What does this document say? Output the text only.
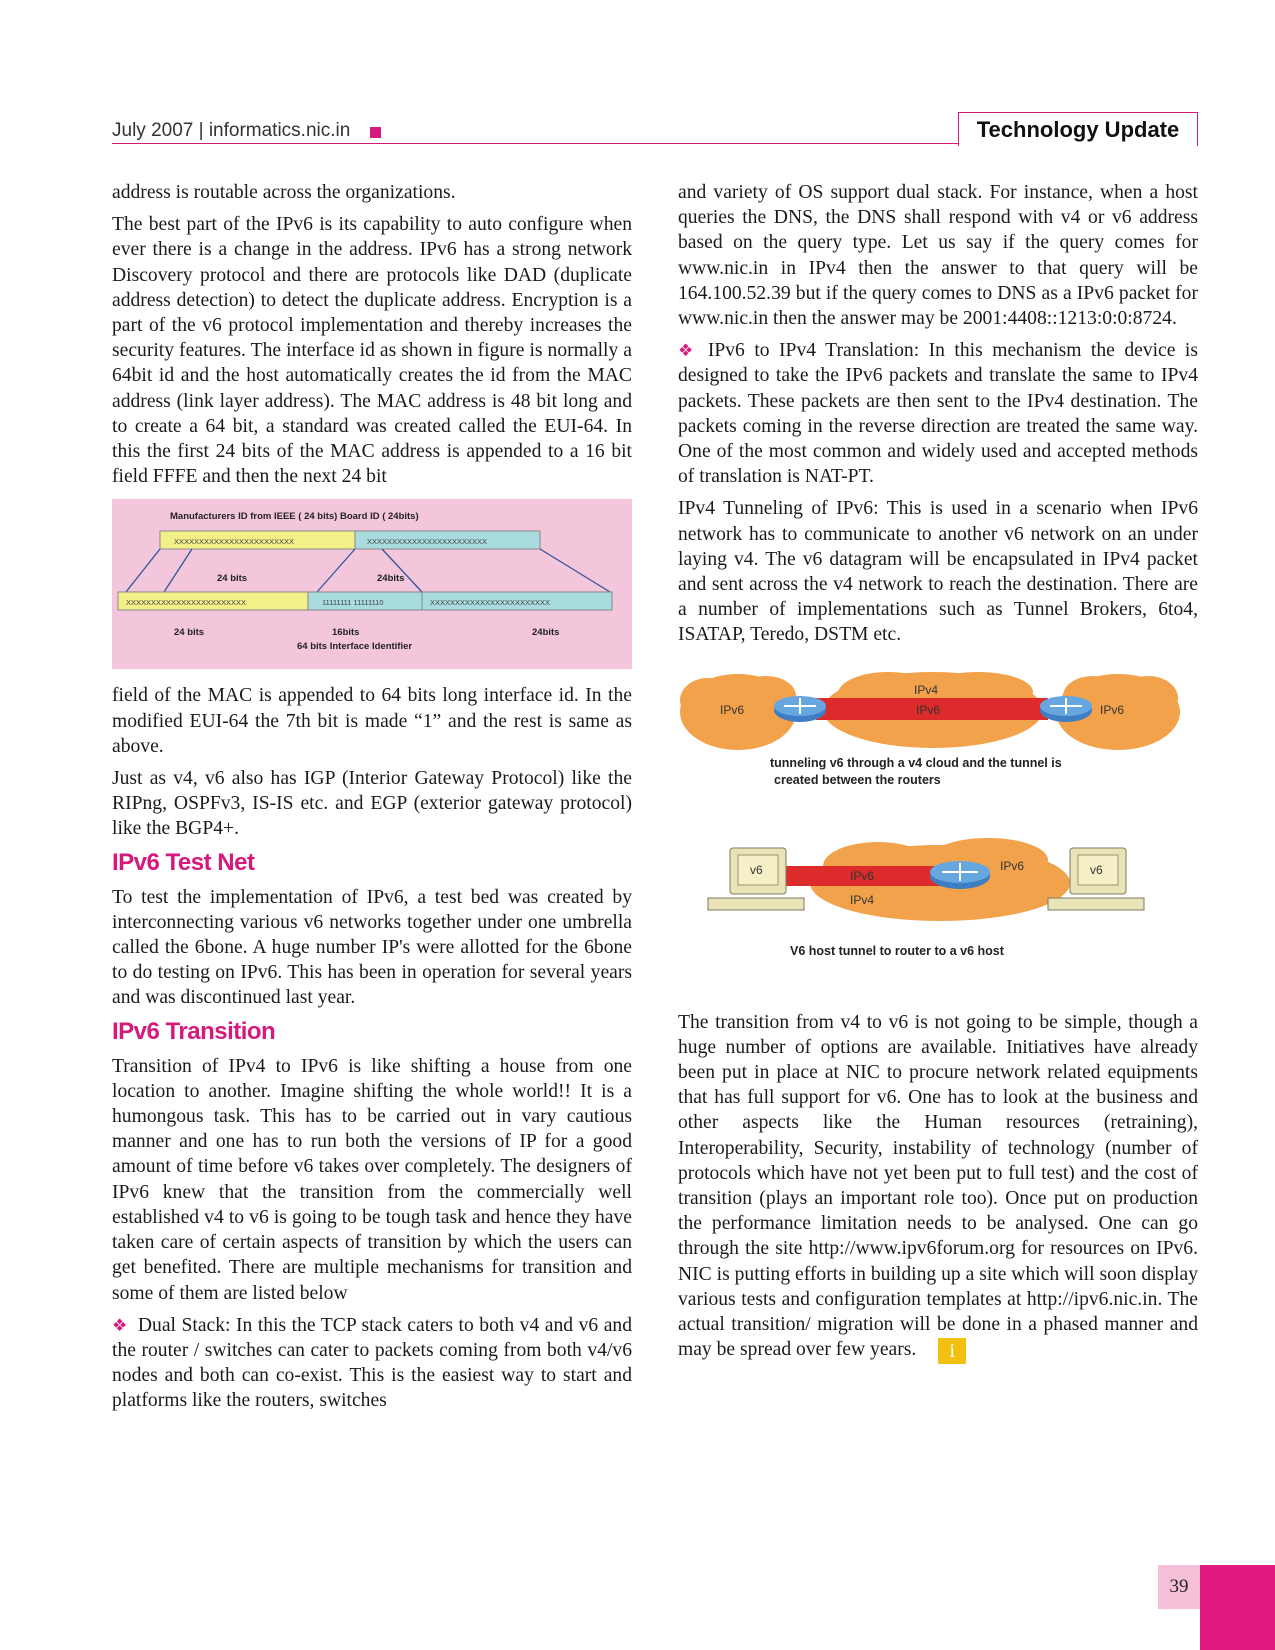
July 2007 | informatics.nic.in	Technology Update

address is routable across the organizations.

The best part of the IPv6 is its capability to auto configure when ever there is a change in the address. IPv6 has a strong network Discovery protocol and there are protocols like DAD (duplicate address detection) to detect the duplicate address. Encryption is a part of the v6 protocol implementation and thereby increases the security features. The interface id as shown in figure is normally a 64bit id and the host automatically creates the id from the MAC address (link layer address). The MAC address is 48 bit long and to create a 64 bit, a standard was created called the EUI-64. In this the first 24 bits of the MAC address is appended to a 16 bit field FFFE and then the next 24 bit

Manufacturers ID from IEEE ( 24 bits) Board ID ( 24bits)
XXXXXXXXXXXXXXXXXXXXXXXX	XXXXXXXXXXXXXXXXXXXXXXXX
24 bits	24bits
XXXXXXXXXXXXXXXXXXXXXXXX	11111111 11111110	XXXXXXXXXXXXXXXXXXXXXXXX
24 bits	16bits	24bits
64 bits Interface Identifier

field of the MAC is appended to 64 bits long interface id. In the modified EUI-64 the 7th bit is made “1” and the rest is same as above.

Just as v4, v6 also has IGP (Interior Gateway Protocol) like the RIPng, OSPFv3, IS-IS etc. and EGP (exterior gateway protocol) like the BGP4+.

IPv6 Test Net

To test the implementation of IPv6, a test bed was created by interconnecting various v6 networks together under one umbrella called the 6bone. A huge number IP's were allotted for the 6bone to do testing on IPv6. This has been in operation for several years and was discontinued last year.

IPv6 Transition

Transition of IPv4 to IPv6 is like shifting a house from one location to another. Imagine shifting the whole world!! It is a humongous task. This has to be carried out in vary cautious manner and one has to run both the versions of IP for a good amount of time before v6 takes over completely. The designers of IPv6 knew that the transition from the commercially well established v4 to v6 is going to be tough task and hence they have taken care of certain aspects of transition by which the users can get benefited. There are multiple mechanisms for transition and some of them are listed below

❖ Dual Stack: In this the TCP stack caters to both v4 and v6 and the router / switches can cater to packets coming from both v4/v6 nodes and both can co-exist. This is the easiest way to start and platforms like the routers, switches

and variety of OS support dual stack. For instance, when a host queries the DNS, the DNS shall respond with v4 or v6 address based on the query type. Let us say if the query comes for www.nic.in in IPv4 then the answer to that query will be 164.100.52.39 but if the query comes to DNS as a IPv6 packet for www.nic.in then the answer may be 2001:4408::1213:0:0:8724.

❖ IPv6 to IPv4 Translation: In this mechanism the device is designed to take the IPv6 packets and translate the same to IPv4 packets. These packets are then sent to the IPv4 destination. The packets coming in the reverse direction are treated the same way. One of the most common and widely used and accepted methods of translation is NAT-PT.

IPv4 Tunneling of IPv6: This is used in a scenario when IPv6 network has to communicate to another v6 network on an under laying v4. The v6 datagram will be encapsulated in IPv4 packet and sent across the v4 network to reach the destination. There are a number of implementations such as Tunnel Brokers, 6to4, ISATAP, Teredo, DSTM etc.

IPv6	IPv6
IPv4
IPv6
tunneling v6 through a v4 cloud and the tunnel is
created between the routers
v6	v6
IPv6
IPv6
IPv4
V6 host tunnel to router to a v6 host

The transition from v4 to v6 is not going to be simple, though a huge number of options are available. Initiatives have already been put in place at NIC to procure network related equipments that has full support for v6. One has to look at the business and other aspects like the Human resources (retraining), Interoperability, Security, instability of technology (number of protocols which have not yet been put to full test) and the cost of transition (plays an important role too). Once put on production the performance limitation needs to be analysed. One can go through the site http://www.ipv6forum.org for resources on IPv6. NIC is putting efforts in building up a site which will soon display various tests and configuration templates at http://ipv6.nic.in. The actual transition/ migration will be done in a phased manner and may be spread over few years. i

39
